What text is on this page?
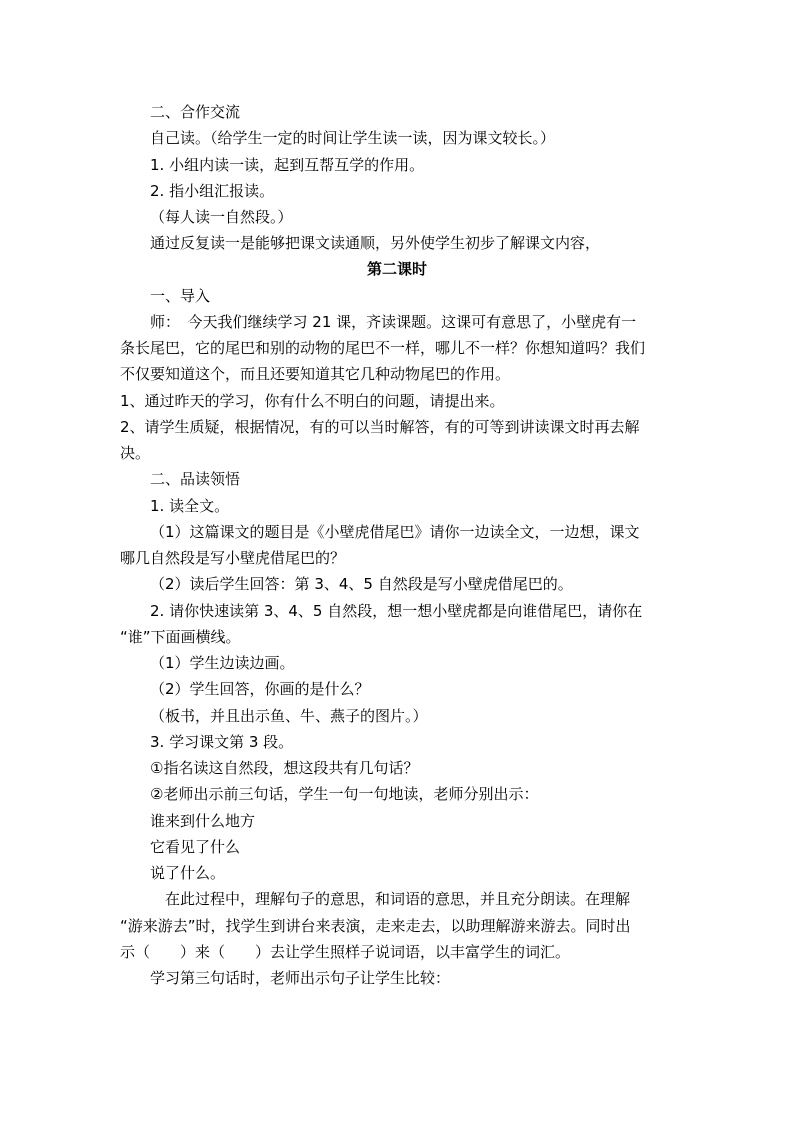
二、合作交流
自己读。（给学生一定的时间让学生读一读，因为课文较长。）
1. 小组内读一读，起到互帮互学的作用。
2. 指小组汇报读。
（每人读一自然段。）
通过反复读一是能够把课文读通顺，另外使学生初步了解课文内容，
第二课时
一、导入
师：　今天我们继续学习 21 课，齐读课题。这课可有意思了，小壁虎有一
条长尾巴，它的尾巴和别的动物的尾巴不一样，哪儿不一样？你想知道吗？我们
不仅要知道这个，而且还要知道其它几种动物尾巴的作用。
1、通过昨天的学习，你有什么不明白的问题，请提出来。
2、请学生质疑，根据情况，有的可以当时解答，有的可等到讲读课文时再去解
决。
二、品读领悟
1. 读全文。
（1）这篇课文的题目是《小壁虎借尾巴》请你一边读全文，一边想，课文
哪几自然段是写小壁虎借尾巴的？
（2）读后学生回答：第 3、4、5 自然段是写小壁虎借尾巴的。
2. 请你快速读第 3、4、5 自然段，想一想小壁虎都是向谁借尾巴，请你在
“谁”下面画横线。
（1）学生边读边画。
（2）学生回答，你画的是什么？
（板书，并且出示鱼、牛、燕子的图片。）
3. 学习课文第 3 段。
①指名读这自然段，想这段共有几句话？
②老师出示前三句话，学生一句一句地读，老师分别出示：
谁来到什么地方
它看见了什么
说了什么。
在此过程中，理解句子的意思，和词语的意思，并且充分朗读。在理解
“游来游去”时，找学生到讲台来表演，走来走去，以助理解游来游去。同时出
示（　　）来（　　）去让学生照样子说词语，以丰富学生的词汇。
学习第三句话时，老师出示句子让学生比较：
